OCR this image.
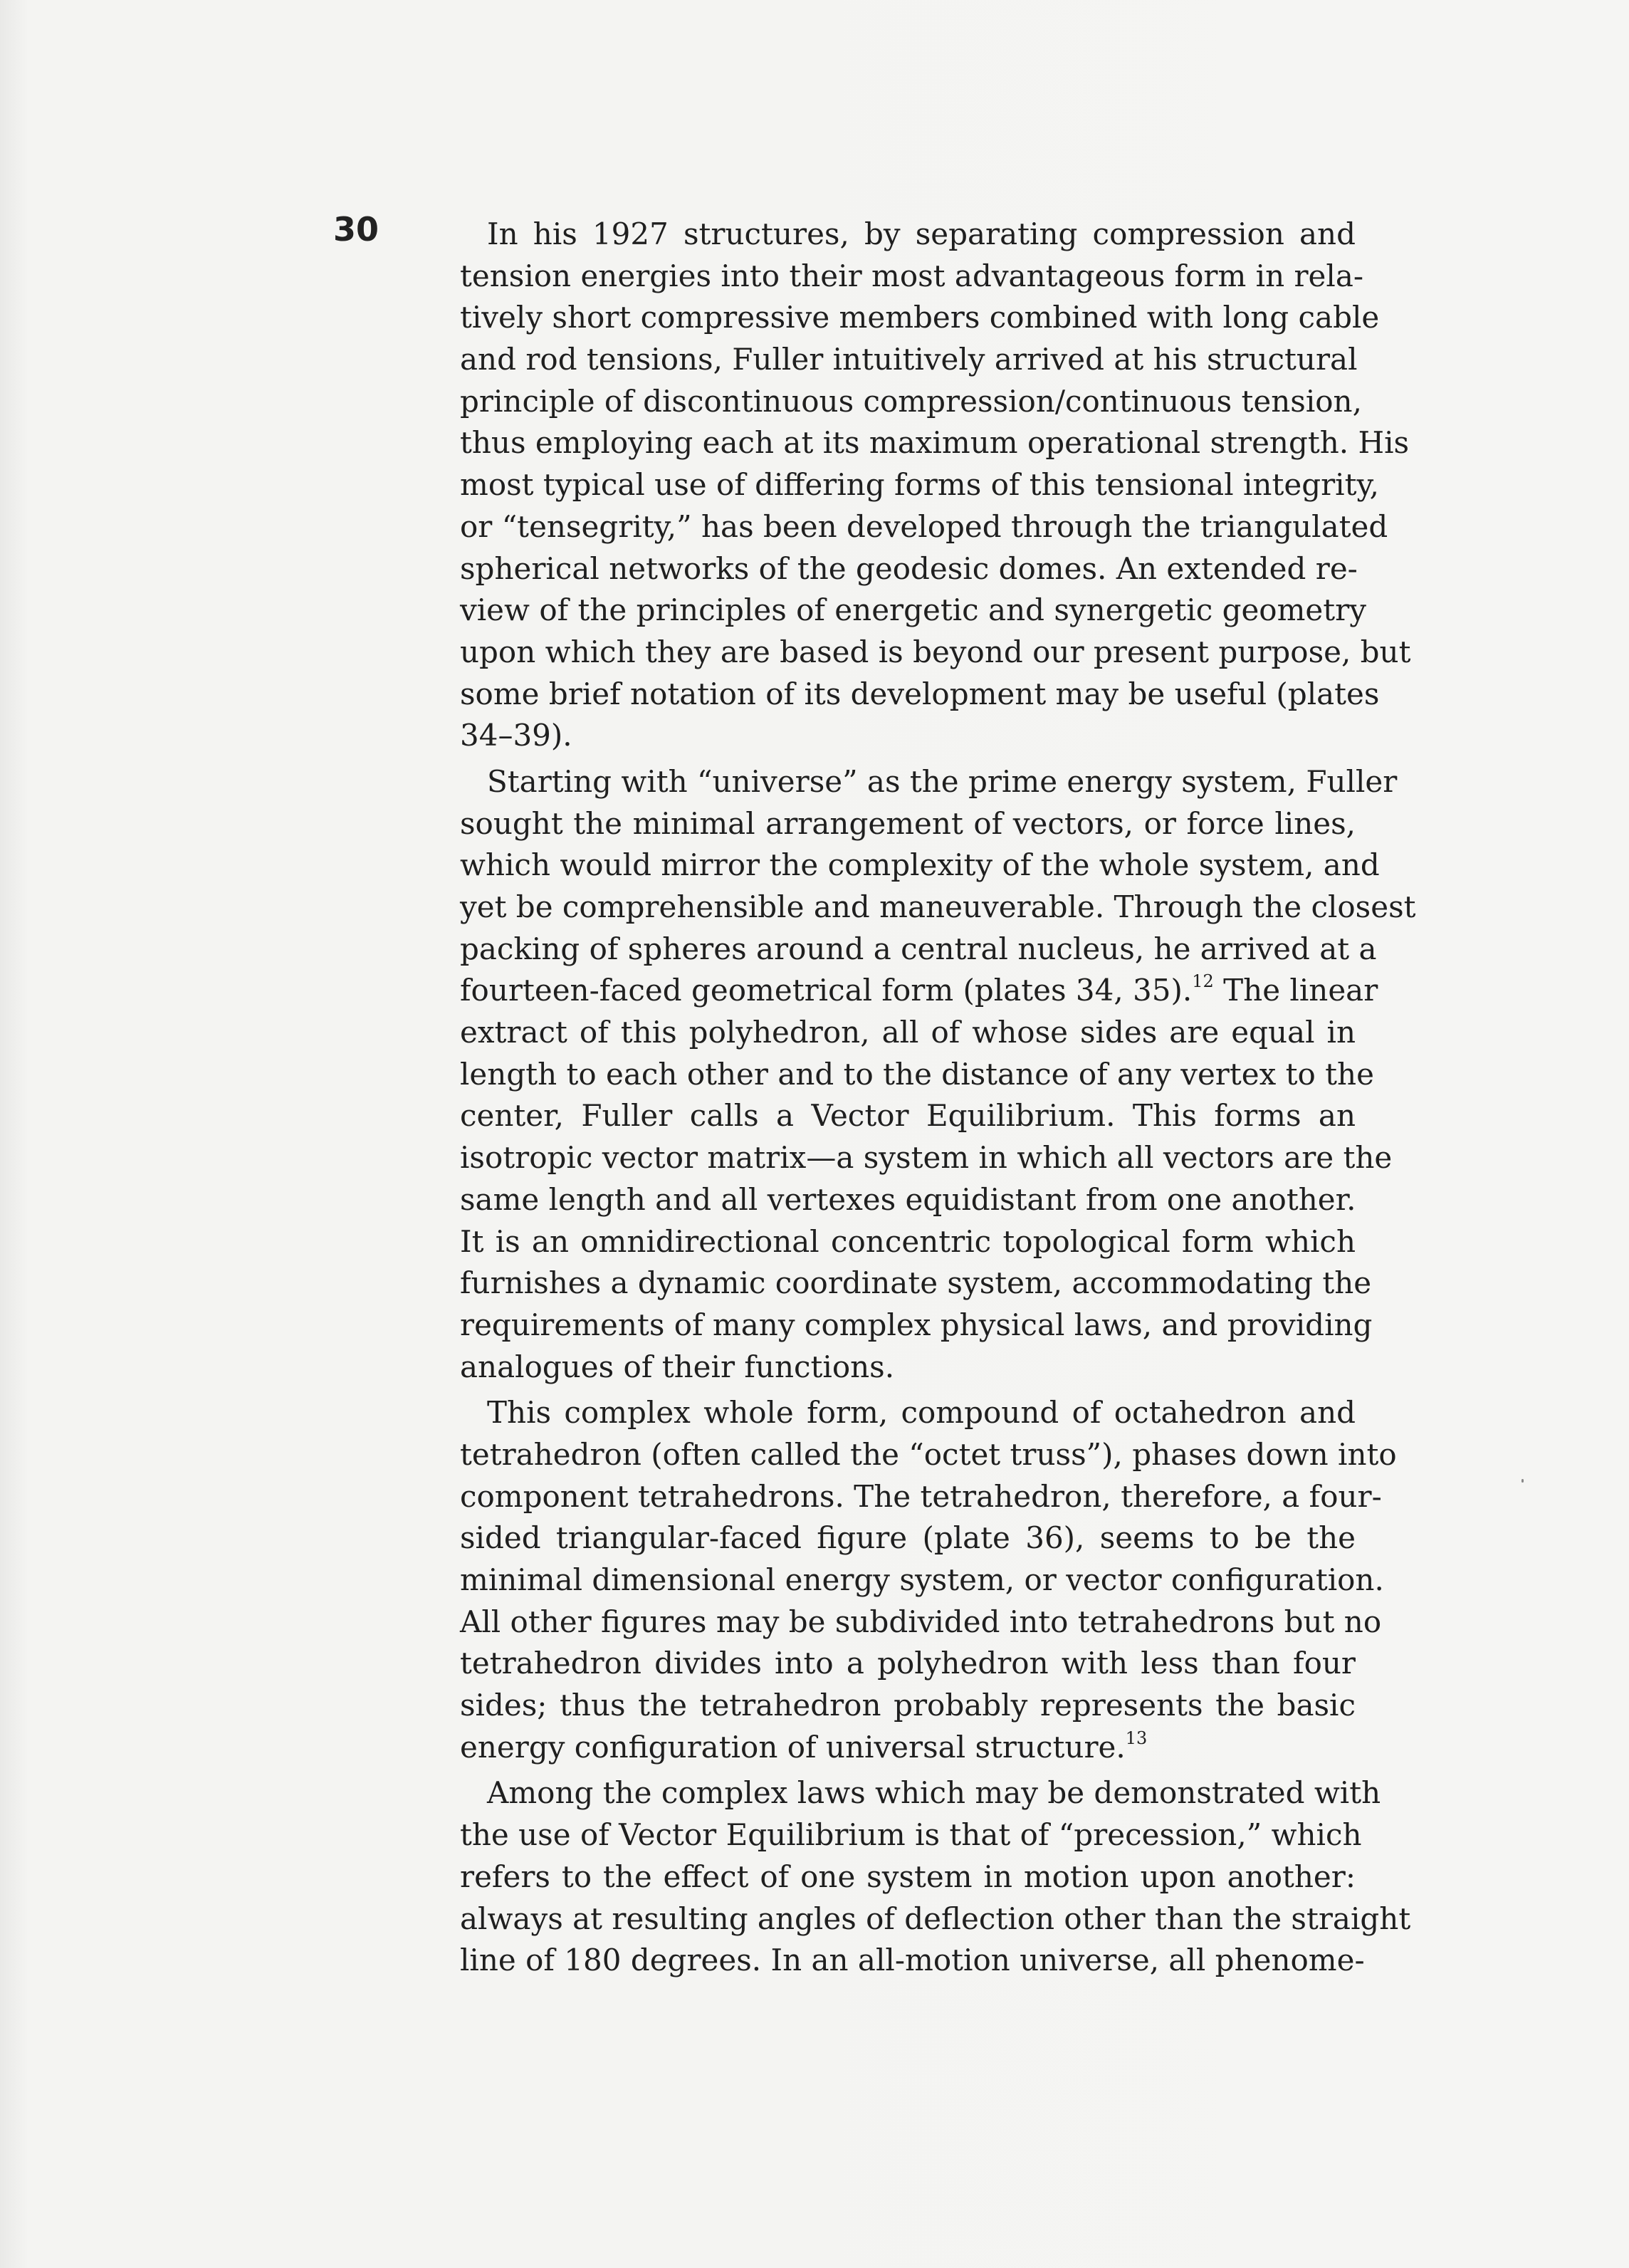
30	In his 1927 structures, by separating compression and
tension energies into their most advantageous form in rela-
tively short compressive members combined with long cable
and rod tensions, Fuller intuitively arrived at his structural
principle of discontinuous compression/continuous tension,
thus employing each at its maximum operational strength. His
most typical use of differing forms of this tensional integrity,
or “tensegrity,” has been developed through the triangulated
spherical networks of the geodesic domes. An extended re-
view of the principles of energetic and synergetic geometry
upon which they are based is beyond our present purpose, but
some brief notation of its development may be useful (plates
34–39).
Starting with “universe” as the prime energy system, Fuller
sought the minimal arrangement of vectors, or force lines,
which would mirror the complexity of the whole system, and
yet be comprehensible and maneuverable. Through the closest
packing of spheres around a central nucleus, he arrived at a
fourteen-faced geometrical form (plates 34, 35).$^{12}$ The linear
extract of this polyhedron, all of whose sides are equal in
length to each other and to the distance of any vertex to the
center, Fuller calls a Vector Equilibrium. This forms an
isotropic vector matrix—a system in which all vectors are the
same length and all vertexes equidistant from one another.
It is an omnidirectional concentric topological form which
furnishes a dynamic coordinate system, accommodating the
requirements of many complex physical laws, and providing
analogues of their functions.
This complex whole form, compound of octahedron and
tetrahedron (often called the “octet truss”), phases down into
component tetrahedrons. The tetrahedron, therefore, a four-
sided triangular-faced figure (plate 36), seems to be the
minimal dimensional energy system, or vector configuration.
All other figures may be subdivided into tetrahedrons but no
tetrahedron divides into a polyhedron with less than four
sides; thus the tetrahedron probably represents the basic
energy configuration of universal structure.$^{13}$
Among the complex laws which may be demonstrated with
the use of Vector Equilibrium is that of “precession,” which
refers to the effect of one system in motion upon another:
always at resulting angles of deflection other than the straight
line of 180 degrees. In an all-motion universe, all phenome-
